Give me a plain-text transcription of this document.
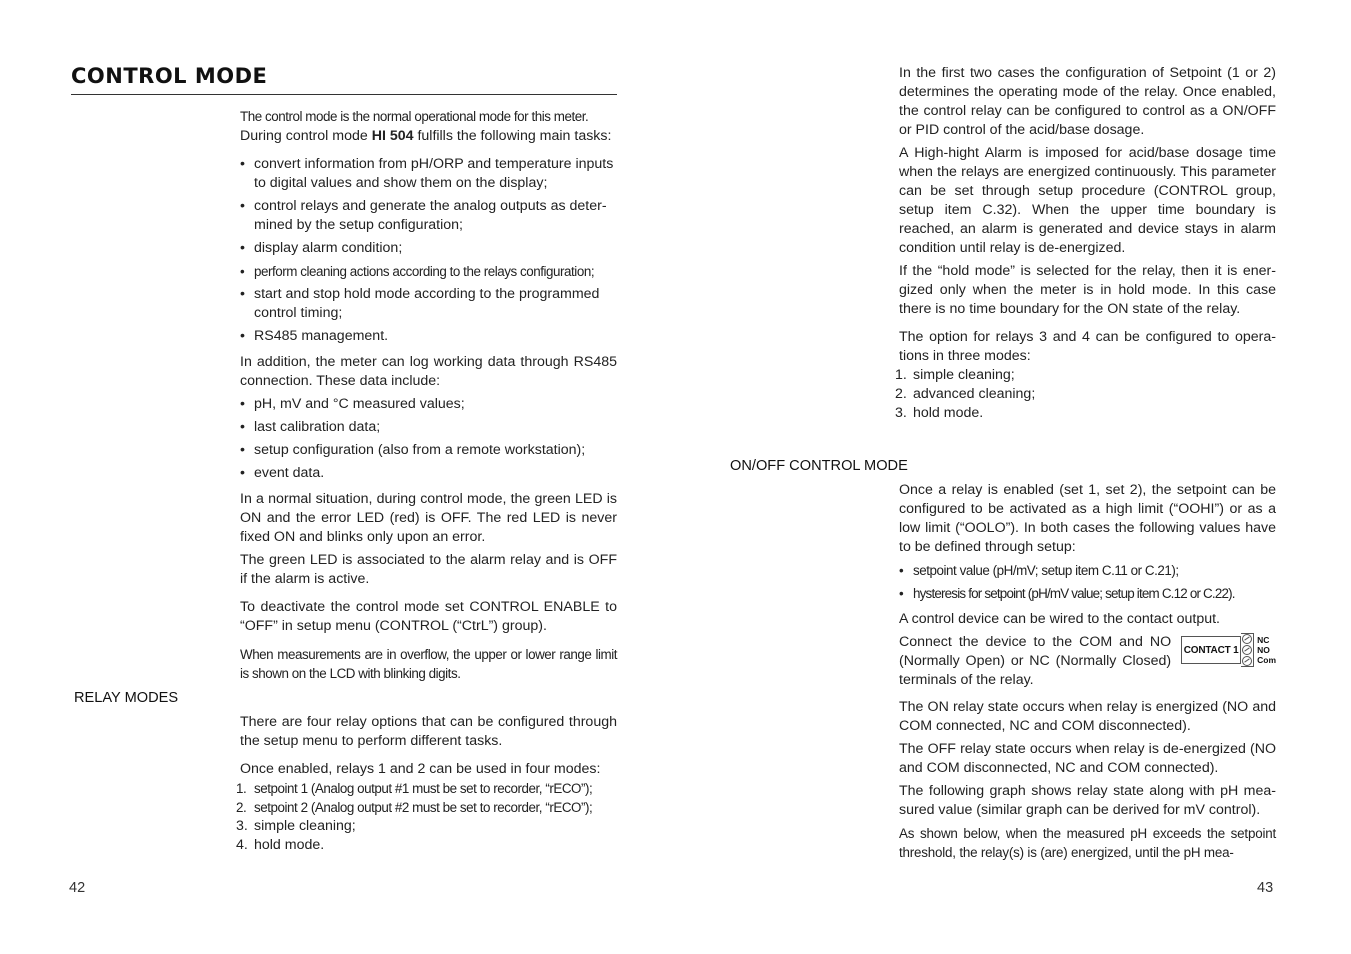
CONTROL MODE

The control mode is the normal operational mode for this meter.
During control mode HI 504 fulfills the following main tasks:

• convert information from pH/ORP and temperature inputs to digital values and show them on the display;
• control relays and generate the analog outputs as deter-mined by the setup configuration;
• display alarm condition;
• perform cleaning actions according to the relays configuration;
• start and stop hold mode according to the programmed control timing;
• RS485 management.

In addition, the meter can log working data through RS485 connection. These data include:

• pH, mV and °C measured values;
• last calibration data;
• setup configuration (also from a remote workstation);
• event data.

In a normal situation, during control mode, the green LED is ON and the error LED (red) is OFF. The red LED is never fixed ON and blinks only upon an error.

The green LED is associated to the alarm relay and is OFF if the alarm is active.

To deactivate the control mode set CONTROL ENABLE to “OFF” in setup menu (CONTROL (“CtrL”) group).

When measurements are in overflow, the upper or lower range limit is shown on the LCD with blinking digits.

RELAY MODES

There are four relay options that can be configured through the setup menu to perform different tasks.

Once enabled, relays 1 and 2 can be used in four modes:

1. setpoint 1 (Analog output #1 must be set to recorder, “rECO”);
2. setpoint 2 (Analog output #2 must be set to recorder, “rECO”);
3. simple cleaning;
4. hold mode.
42

In the first two cases the configuration of Setpoint (1 or 2) determines the operating mode of the relay. Once enabled, the control relay can be configured to control as a ON/OFF or PID control of the acid/base dosage.

A High-hight Alarm is imposed for acid/base dosage time when the relays are energized continuously. This parameter can be set through setup procedure (CONTROL group, setup item C.32). When the upper time boundary is reached, an alarm is generated and device stays in alarm condition until relay is de-energized.

If the “hold mode” is selected for the relay, then it is ener-gized only when the meter is in hold mode. In this case there is no time boundary for the ON state of the relay.

The option for relays 3 and 4 can be configured to opera-tions in three modes:

1. simple cleaning;
2. advanced cleaning;
3. hold mode.
ON/OFF CONTROL MODE

Once a relay is enabled (set 1, set 2), the setpoint can be configured to be activated as a high limit (“OOHI”) or as a low limit (“OOLO”). In both cases the following values have to be defined through setup:

• setpoint value (pH/mV; setup item C.11 or C.21);
• hysteresis for setpoint (pH/mV value; setup item C.12 or C.22).

A control device can be wired to the contact output.

CONTACT 1
NC
NO
Com

Connect the device to the COM and NO (Normally Open) or NC (Normally Closed) terminals of the relay.

The ON relay state occurs when relay is energized (NO and COM connected, NC and COM disconnected).

The OFF relay state occurs when relay is de-energized (NO and COM disconnected, NC and COM connected).

The following graph shows relay state along with pH mea-sured value (similar graph can be derived for mV control).

As shown below, when the measured pH exceeds the setpoint threshold, the relay(s) is (are) energized, until the pH mea-

43
